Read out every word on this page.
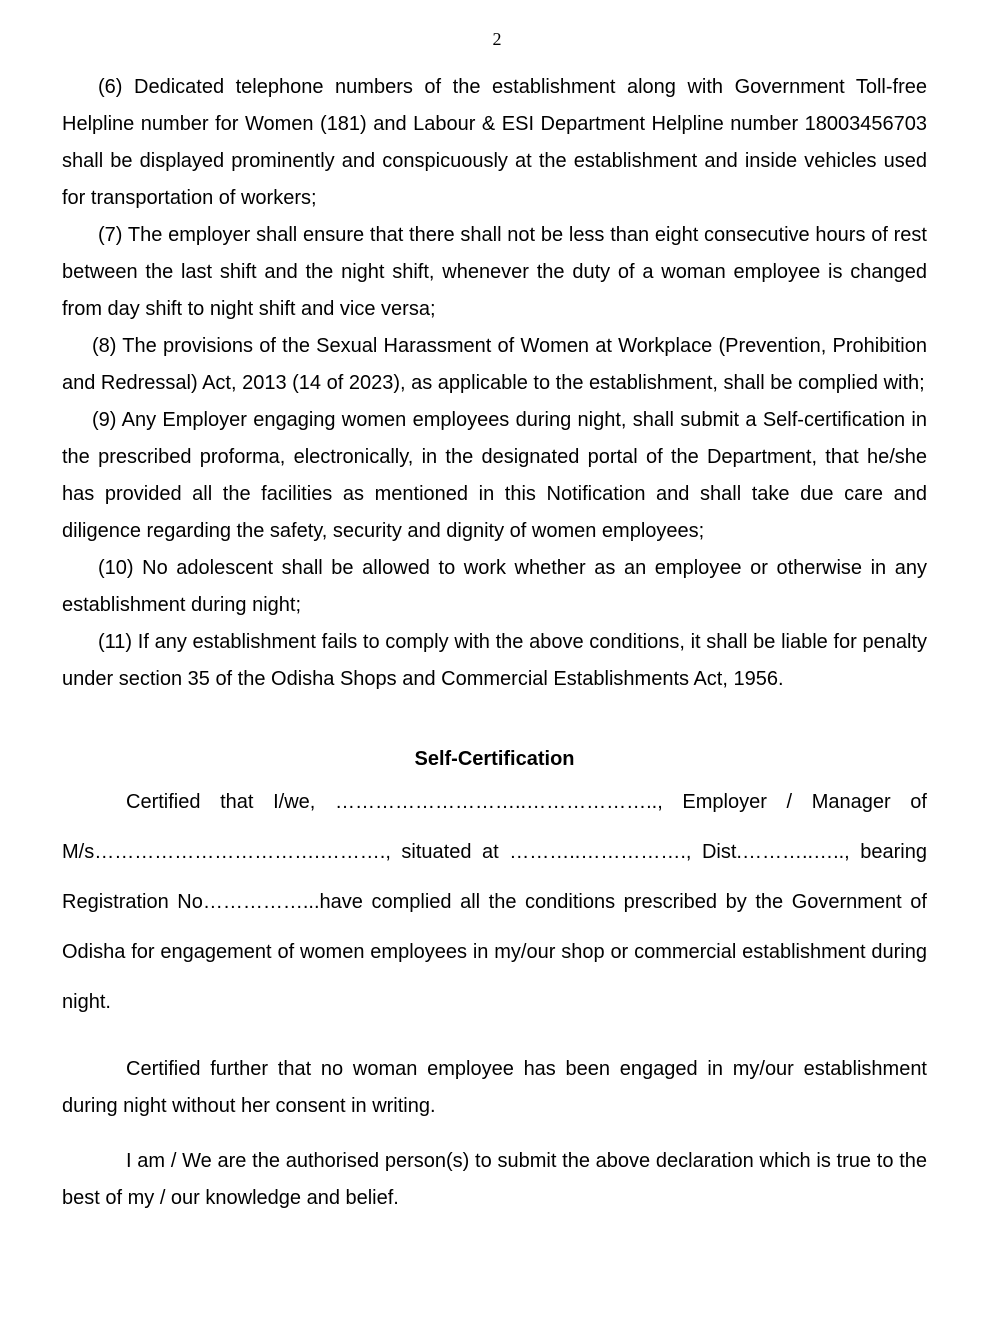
2

(6) Dedicated telephone numbers of the establishment along with Government Toll-free Helpline number for Women (181) and Labour & ESI Department Helpline number 18003456703 shall be displayed prominently and conspicuously at the establishment and inside vehicles used for transportation of workers;

(7) The employer shall ensure that there shall not be less than eight consecutive hours of rest between the last shift and the night shift, whenever the duty of a woman employee is changed from day shift to night shift and vice versa;

(8) The provisions of the Sexual Harassment of Women at Workplace (Prevention, Prohibition and Redressal) Act, 2013 (14 of 2023), as applicable to the establishment, shall be complied with;

(9) Any Employer engaging women employees during night, shall submit a Self-certification in the prescribed proforma, electronically, in the designated portal of the Department, that he/she has provided all the facilities as mentioned in this Notification and shall take due care and diligence regarding the safety, security and dignity of women employees;

(10) No adolescent shall be allowed to work whether as an employee or otherwise in any establishment during night;

(11) If any establishment fails to comply with the above conditions, it shall be liable for penalty under section 35 of the Odisha Shops and Commercial Establishments Act, 1956.

Self-Certification

Certified that I/we, ………………………..……………….., Employer / Manager of M/s…………………………….………., situated at ………..……………., Dist.………..….., bearing Registration No……………...have complied all the conditions prescribed by the Government of Odisha for engagement of women employees in my/our shop or commercial establishment during night.

Certified further that no woman employee has been engaged in my/our establishment during night without her consent in writing.

I am / We are the authorised person(s) to submit the above declaration which is true to the best of my / our knowledge and belief.
